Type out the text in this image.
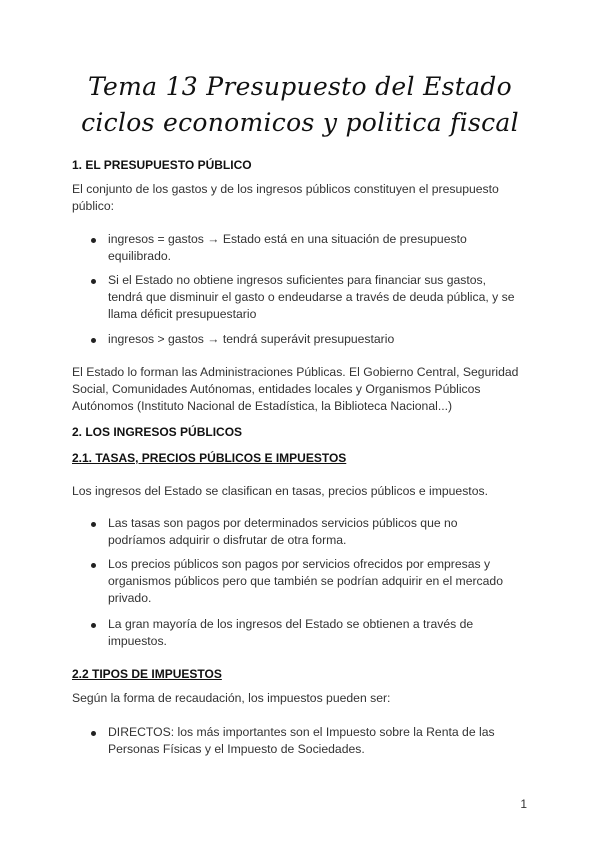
Tema 13 Presupuesto del Estado
ciclos economicos y politica fiscal
1. EL PRESUPUESTO PÚBLICO
El conjunto de los gastos y de los ingresos públicos constituyen el presupuesto público:
ingresos = gastos → Estado está en una situación de presupuesto equilibrado.
Si el Estado no obtiene ingresos suficientes para financiar sus gastos, tendrá que disminuir el gasto o endeudarse a través de deuda pública, y se llama déficit presupuestario
ingresos > gastos → tendrá superávit presupuestario
El Estado lo forman las Administraciones Públicas. El Gobierno Central, Seguridad Social, Comunidades Autónomas, entidades locales y Organismos Públicos Autónomos (Instituto Nacional de Estadística, la Biblioteca Nacional...)
2. LOS INGRESOS PÚBLICOS
2.1. TASAS, PRECIOS PÚBLICOS E IMPUESTOS
Los ingresos del Estado se clasifican en tasas, precios públicos e impuestos.
Las tasas son pagos por determinados servicios públicos que no podríamos adquirir o disfrutar de otra forma.
Los precios públicos son pagos por servicios ofrecidos por empresas y organismos públicos pero que también se podrían adquirir en el mercado privado.
La gran mayoría de los ingresos del Estado se obtienen a través de impuestos.
2.2 TIPOS DE IMPUESTOS
Según la forma de recaudación, los impuestos pueden ser:
DIRECTOS: los más importantes son el Impuesto sobre la Renta de las Personas Físicas y el Impuesto de Sociedades.
1
